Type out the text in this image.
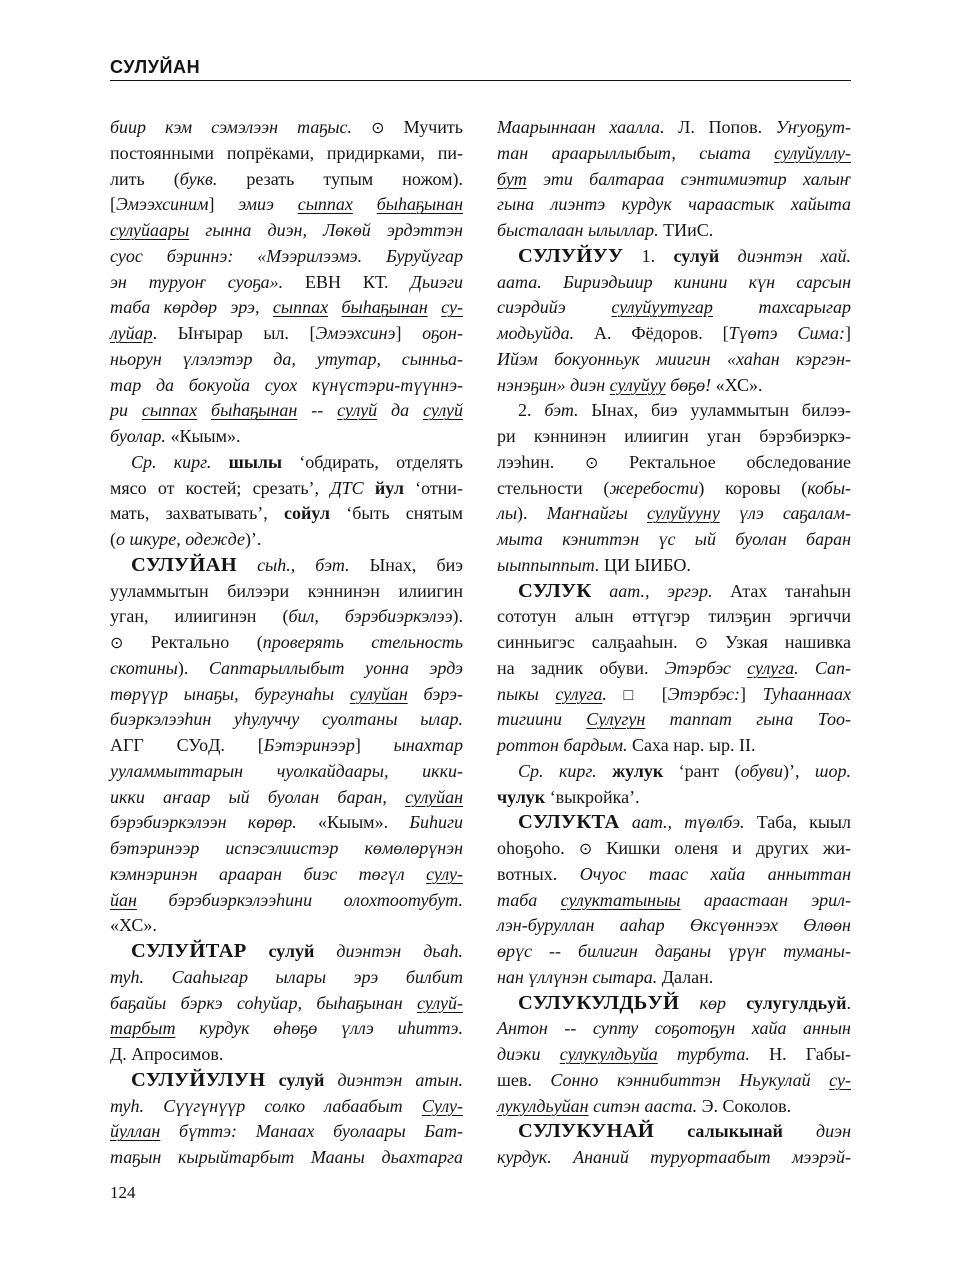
СУЛУЙАН
биир кэм сэмэлээн таҕыс. ⊙ Мучить
постоянными попрёками, придирками, пи-
лить (букв. резать тупым ножом).
[Эмээхсиним] эмиэ сыппах быһаҕынан
сулуйаары гынна диэн, Лөкөй эрдэттэн
суос бэриннэ: «Мээрилээмэ. Буруйугар
эн туруоҥ суоҕа». ЕВН КТ. Дьиэги
таба көрдөр эрэ, сыппах быһаҕынан су-
луйар. Ыҥырар ыл. [Эмээхсинэ] оҕон-
ньорун үлэлэтэр да, утутар, сынньа-
тар да бокуойа суох күнүстэри-түүннэ-
ри сыппах быһаҕынан -- сулуй да сулуй
буолар. «Кыым».
Ср. кирг. шылы ‘обдирать, отделять
мясо от костей; срезать’, ДТС йул ‘отни-
мать, захватывать’, сойул ‘быть снятым
(о шкуре, одежде)’.
СУЛУЙАН сыһ., бэт. Ынах, биэ
ууламмытын билээри кэннинэн илиигин
уган, илиигинэн (бил, бэрэбиэркэлээ).
⊙ Ректально (проверять стельность
скотины). Саптарыллыбыт уонна эрдэ
төрүүр ынаҕы, бургунаһы сулуйан бэрэ-
биэркэлээһин уһулуччу суолтаны ылар.
АГГ СУоД. [Бэтэринээр] ынахтар
ууламмыттарын чуолкайдаары, икки-
икки аҥаар ый буолан баран, сулуйан
бэрэбиэркэлээн көрөр. «Кыым». Биһиги
бэтэринээр испэсэлиистэр көмөлөрүнэн
кэмнэринэн арааран биэс төгүл сулу-
йан бэрэбиэркэлээһини олохтоотубут.
«ХС».
СУЛУЙТАР сулуй диэнтэн дьаһ.
туһ. Сааһыгар ылары эрэ билбит
баҕайы бэркэ соһуйар, быһаҕынан сулуй-
тарбыт курдук өһөҕө үллэ иһиттэ.
Д. Апросимов.
СУЛУЙУЛУН сулуй диэнтэн атын.
туһ. Сүүгүнүүр солко лабаабыт Сулу-
йуллан бүттэ: Манаах буолаары Бат-
таҕын кырыйтарбыт Мааны дьахтарга
Маарыннаан хаалла. Л. Попов. Уҥуоҕут-
тан араарыллыбыт, сыата сулуйуллу-
бут эти балтараа сэнтимиэтир халыҥ
гына лиэнтэ курдук чараастык хайыта
бысталаан ылыллар. ТИиС.
СУЛУЙУУ 1. сулуй диэнтэн хай.
аата. Бириэдьиир кинини күн сарсын
сиэрдийэ сулуйуутугар тахсарыгар
модьуйда. А. Фёдоров. [Түөтэ Сима:]
Ийэм бокуонньук миигин «хаһан кэргэн-
нэнэҕин» диэн сулуйуу бөҕө! «ХС».
2. бэт. Ынах, биэ ууламмытын билээ-
ри кэннинэн илиигин уган бэрэбиэркэ-
лээһин. ⊙ Ректальное обследование
стельности (жеребости) коровы (кобы-
лы). Маҥнайгы сулуйууну үлэ саҕалам-
мыта кэниттэн үс ый буолан баран
ыыппыппыт. ЦИ ЫИБО.
СУЛУК аат., эргэр. Атах таҥаһын
сототун алын өттүгэр тилэҕин эргиччи
синньигэс салҕааһын. ⊙ Узкая нашивка
на задник обуви. Этэрбэс сулуга. Сап-
пыкы сулуга. □ [Этэрбэс:] Туһааннаах
тигиини Сулугун таппат гына Тоо-
роттон бардым. Саха нар. ыр. II.
Ср. кирг. жулук ‘рант (обуви)’, шор.
чулук ‘выкройка’.
СУЛУКТА аат., түөлбэ. Таба, кыыл
оһоҕоһо. ⊙ Кишки оленя и других жи-
вотных. Очуос таас хайа анныттан
таба сулуктатыныы араастаан эрил-
лэн-буруллан ааһар Өксүөннээх Өлөөн
өрүс -- билигин даҕаны үрүҥ туманы-
нан үллүнэн сытара. Далан.
СУЛУКУЛДЬУЙ көр сулугулдьуй.
Антон -- супту соҕотоҕун хайа аннын
диэки сулукулдьуйа турбута. Н. Габы-
шев. Сонно кэннибиттэн Ньукулай су-
лукулдьуйан ситэн ааста. Э. Соколов.
СУЛУКУНАЙ салыкынай диэн
курдук. Ананий туруортаабыт мээрэй-
124
